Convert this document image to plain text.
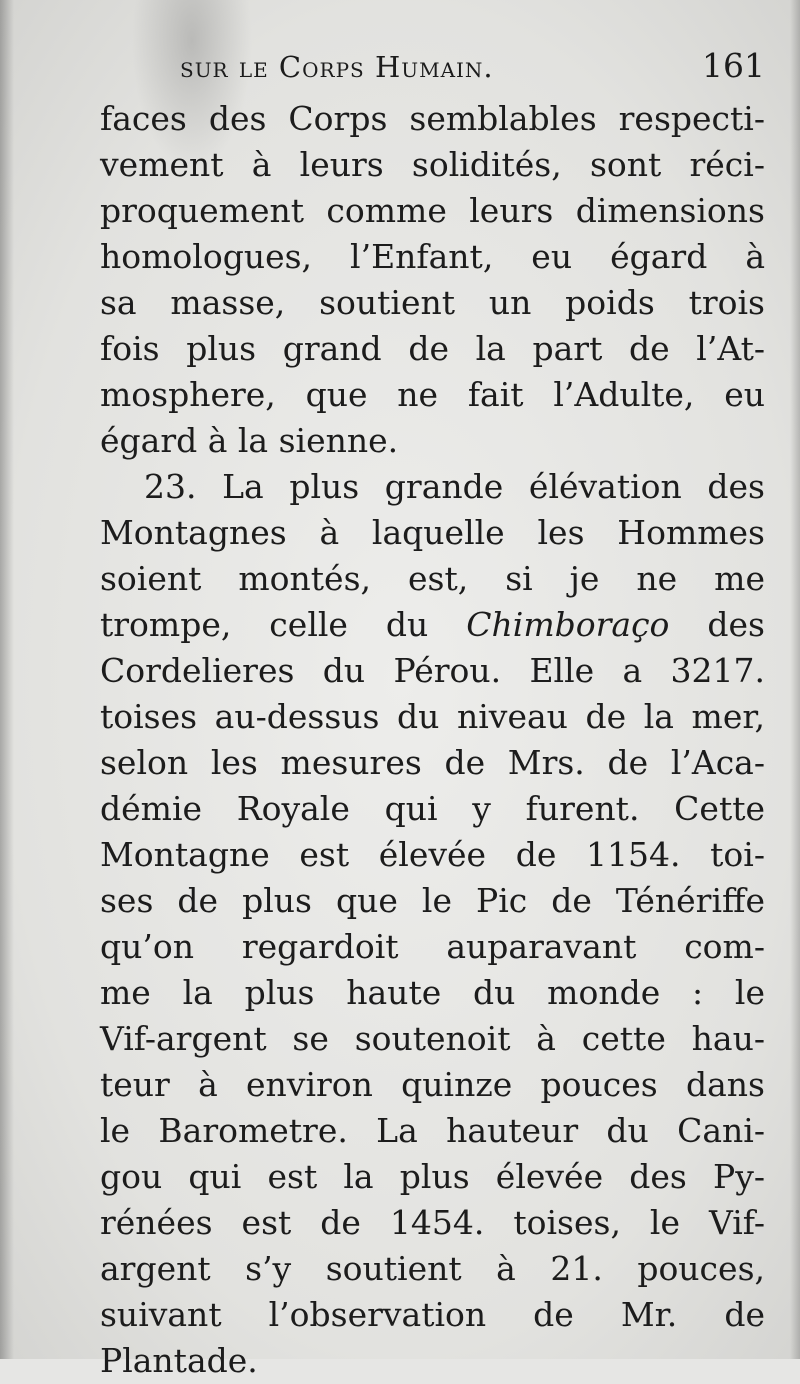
sur le Corps Humain.	161
faces des Corps semblables respecti-
vement à leurs solidités, sont réci-
proquement comme leurs dimensions
homologues, l’Enfant, eu égard à
sa masse, soutient un poids trois
fois plus grand de la part de l’At-
mosphere, que ne fait l’Adulte, eu
égard à la sienne.
23. La plus grande élévation des
Montagnes à laquelle les Hommes
soient montés, est, si je ne me
trompe, celle du Chimboraço des
Cordelieres du Pérou. Elle a 3217.
toises au-dessus du niveau de la mer,
selon les mesures de Mrs. de l’Aca-
démie Royale qui y furent. Cette
Montagne est élevée de 1154. toi-
ses de plus que le Pic de Ténériffe
qu’on regardoit auparavant com-
me la plus haute du monde : le
Vif-argent se soutenoit à cette hau-
teur à environ quinze pouces dans
le Barometre. La hauteur du Cani-
gou qui est la plus élevée des Py-
rénées est de 1454. toises, le Vif-
argent s’y soutient à 21. pouces,
suivant l’observation de Mr. de
Plantade.
